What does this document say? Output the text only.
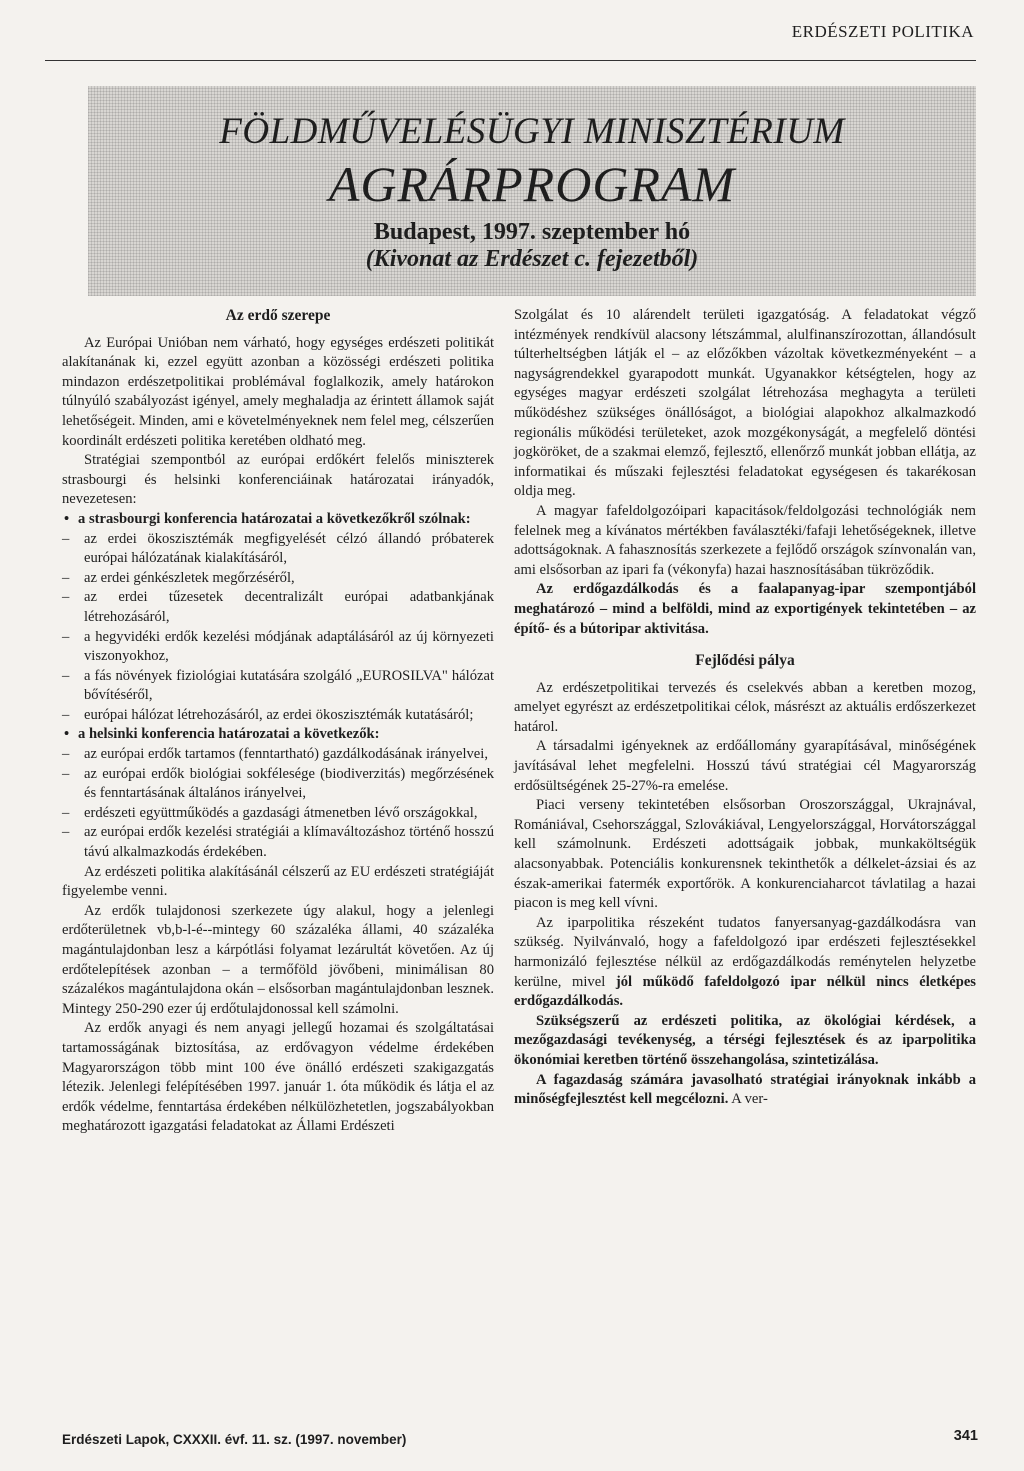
ERDÉSZETI POLITIKA
FÖLDMŰVELÉSÜGYI MINISZTÉRIUM
AGRÁRPROGRAM
Budapest, 1997. szeptember hó
(Kivonat az Erdészet c. fejezetből)
Az erdő szerepe

Az Európai Unióban nem várható, hogy egységes erdészeti politikát alakítanának ki, ezzel együtt azonban a közösségi erdészeti politika mindazon erdészetpolitikai problémával foglalkozik, amely határokon túlnyúló szabályozást igényel, amely meghaladja az érintett államok saját lehetőségeit. Minden, ami e követelményeknek nem felel meg, célszerűen koordinált erdészeti politika keretében oldható meg.

Stratégiai szempontból az európai erdőkért felelős miniszterek strasbourgi és helsinki konferenciáinak határozatai irányadók, nevezetesen:

• a strasbourgi konferencia határozatai a következőkről szólnak:
– az erdei ökoszisztémák megfigyelését célzó állandó próbaterek európai hálózatának kialakításáról,
– az erdei génkészletek megőrzéséről,
– az erdei tűzesetek decentralizált európai adatbankjának létrehozásáról,
– a hegyvidéki erdők kezelési módjának adaptálásáról az új környezeti viszonyokhoz,
– a fás növények fiziológiai kutatására szolgáló „EUROSILVA" hálózat bővítéséről,
– európai hálózat létrehozásáról, az erdei ökoszisztémák kutatásáról;
• a helsinki konferencia határozatai a következők:
– az európai erdők tartamos (fenntartható) gazdálkodásának irányelvei,
– az európai erdők biológiai sokfélesége (biodiverzitás) megőrzésének és fenntartásának általános irányelvei,
– erdészeti együttműködés a gazdasági átmenetben lévő országokkal,
– az európai erdők kezelési stratégiái a klímaváltozáshoz történő hosszú távú alkalmazkodás érdekében.

Az erdészeti politika alakításánál célszerű az EU erdészeti stratégiáját figyelembe venni.

Az erdők tulajdonosi szerkezete úgy alakul, hogy a jelenlegi erdőterületnek vb,b-l-é--mintegy 60 százaléka állami, 40 százaléka magántulajdonban lesz a kárpótlási folyamat lezárultát követően. Az új erdőtelepítések azonban – a termőföld jövőbeni, minimálisan 80 százalékos magántulajdona okán – elsősorban magántulajdonban lesznek. Mintegy 250-290 ezer új erdőtulajdonossal kell számolni.

Az erdők anyagi és nem anyagi jellegű hozamai és szolgáltatásai tartamosságának biztosítása, az erdővagyon védelme érdekében Magyarországon több mint 100 éve önálló erdészeti szakigazgatás létezik. Jelenlegi felépítésében 1997. január 1. óta működik és látja el az erdők védelme, fenntartása érdekében nélkülözhetetlen, jogszabályokban meghatározott igazgatási feladatokat az Állami Erdészeti

Szolgálat és 10 alárendelt területi igazgatóság. A feladatokat végző intézmények rendkívül alacsony létszámmal, alulfinanszírozottan, állandósult túlterheltségben látják el – az előzőkben vázoltak következményeként – a nagyságrendekkel gyarapodott munkát. Ugyanakkor kétségtelen, hogy az egységes magyar erdészeti szolgálat létrehozása meghagyta a területi működéshez szükséges önállóságot, a biológiai alapokhoz alkalmazkodó regionális működési területeket, azok mozgékonyságát, a megfelelő döntési jogköröket, de a szakmai elemző, fejlesztő, ellenőrző munkát jobban ellátja, az informatikai és műszaki fejlesztési feladatokat egységesen és takarékosan oldja meg.

A magyar fafeldolgozóipari kapacitások/feldolgozási technológiák nem felelnek meg a kívánatos mértékben faválasztéki/fafaji lehetőségeknek, illetve adottságoknak. A fahasznosítás szerkezete a fejlődő országok színvonalán van, ami elsősorban az ipari fa (vékonyfa) hazai hasznosításában tükröződik.

Az erdőgazdálkodás és a faalapanyag-ipar szempontjából meghatározó – mind a belföldi, mind az exportigények tekintetében – az építő- és a bútoripar aktivitása.

Fejlődési pálya

Az erdészetpolitikai tervezés és cselekvés abban a keretben mozog, amelyet egyrészt az erdészetpolitikai célok, másrészt az aktuális erdőszerkezet határol.

A társadalmi igényeknek az erdőállomány gyarapításával, minőségének javításával lehet megfelelni. Hosszú távú stratégiai cél Magyarország erdősültségének 25-27%-ra emelése.

Piaci verseny tekintetében elsősorban Oroszországgal, Ukrajnával, Romániával, Csehországgal, Szlovákiával, Lengyelországgal, Horvátországgal kell számolnunk. Erdészeti adottságaik jobbak, munkaköltségük alacsonyabbak. Potenciális konkurensnek tekinthetők a délkelet-ázsiai és az észak-amerikai fatermék exportőrök. A konkurenciaharcot távlatilag a hazai piacon is meg kell vívni.

Az iparpolitika részeként tudatos fanyersanyag-gazdálkodásra van szükség. Nyilvánvaló, hogy a fafeldolgozó ipar erdészeti fejlesztésekkel harmonizáló fejlesztése nélkül az erdőgazdálkodás reménytelen helyzetbe kerülne, mivel jól működő fafeldolgozó ipar nélkül nincs életképes erdőgazdálkodás.

Szükségszerű az erdészeti politika, az ökológiai kérdések, a mezőgazdasági tevékenység, a térségi fejlesztések és az iparpolitika ökonómiai keretben történő összehangolása, szintetizálása.

A fagazdaság számára javasolható stratégiai irányoknak inkább a minőségfejlesztést kell megcélozni. A ver-

Erdészeti Lapok, CXXXII. évf. 11. sz. (1997. november)	341
